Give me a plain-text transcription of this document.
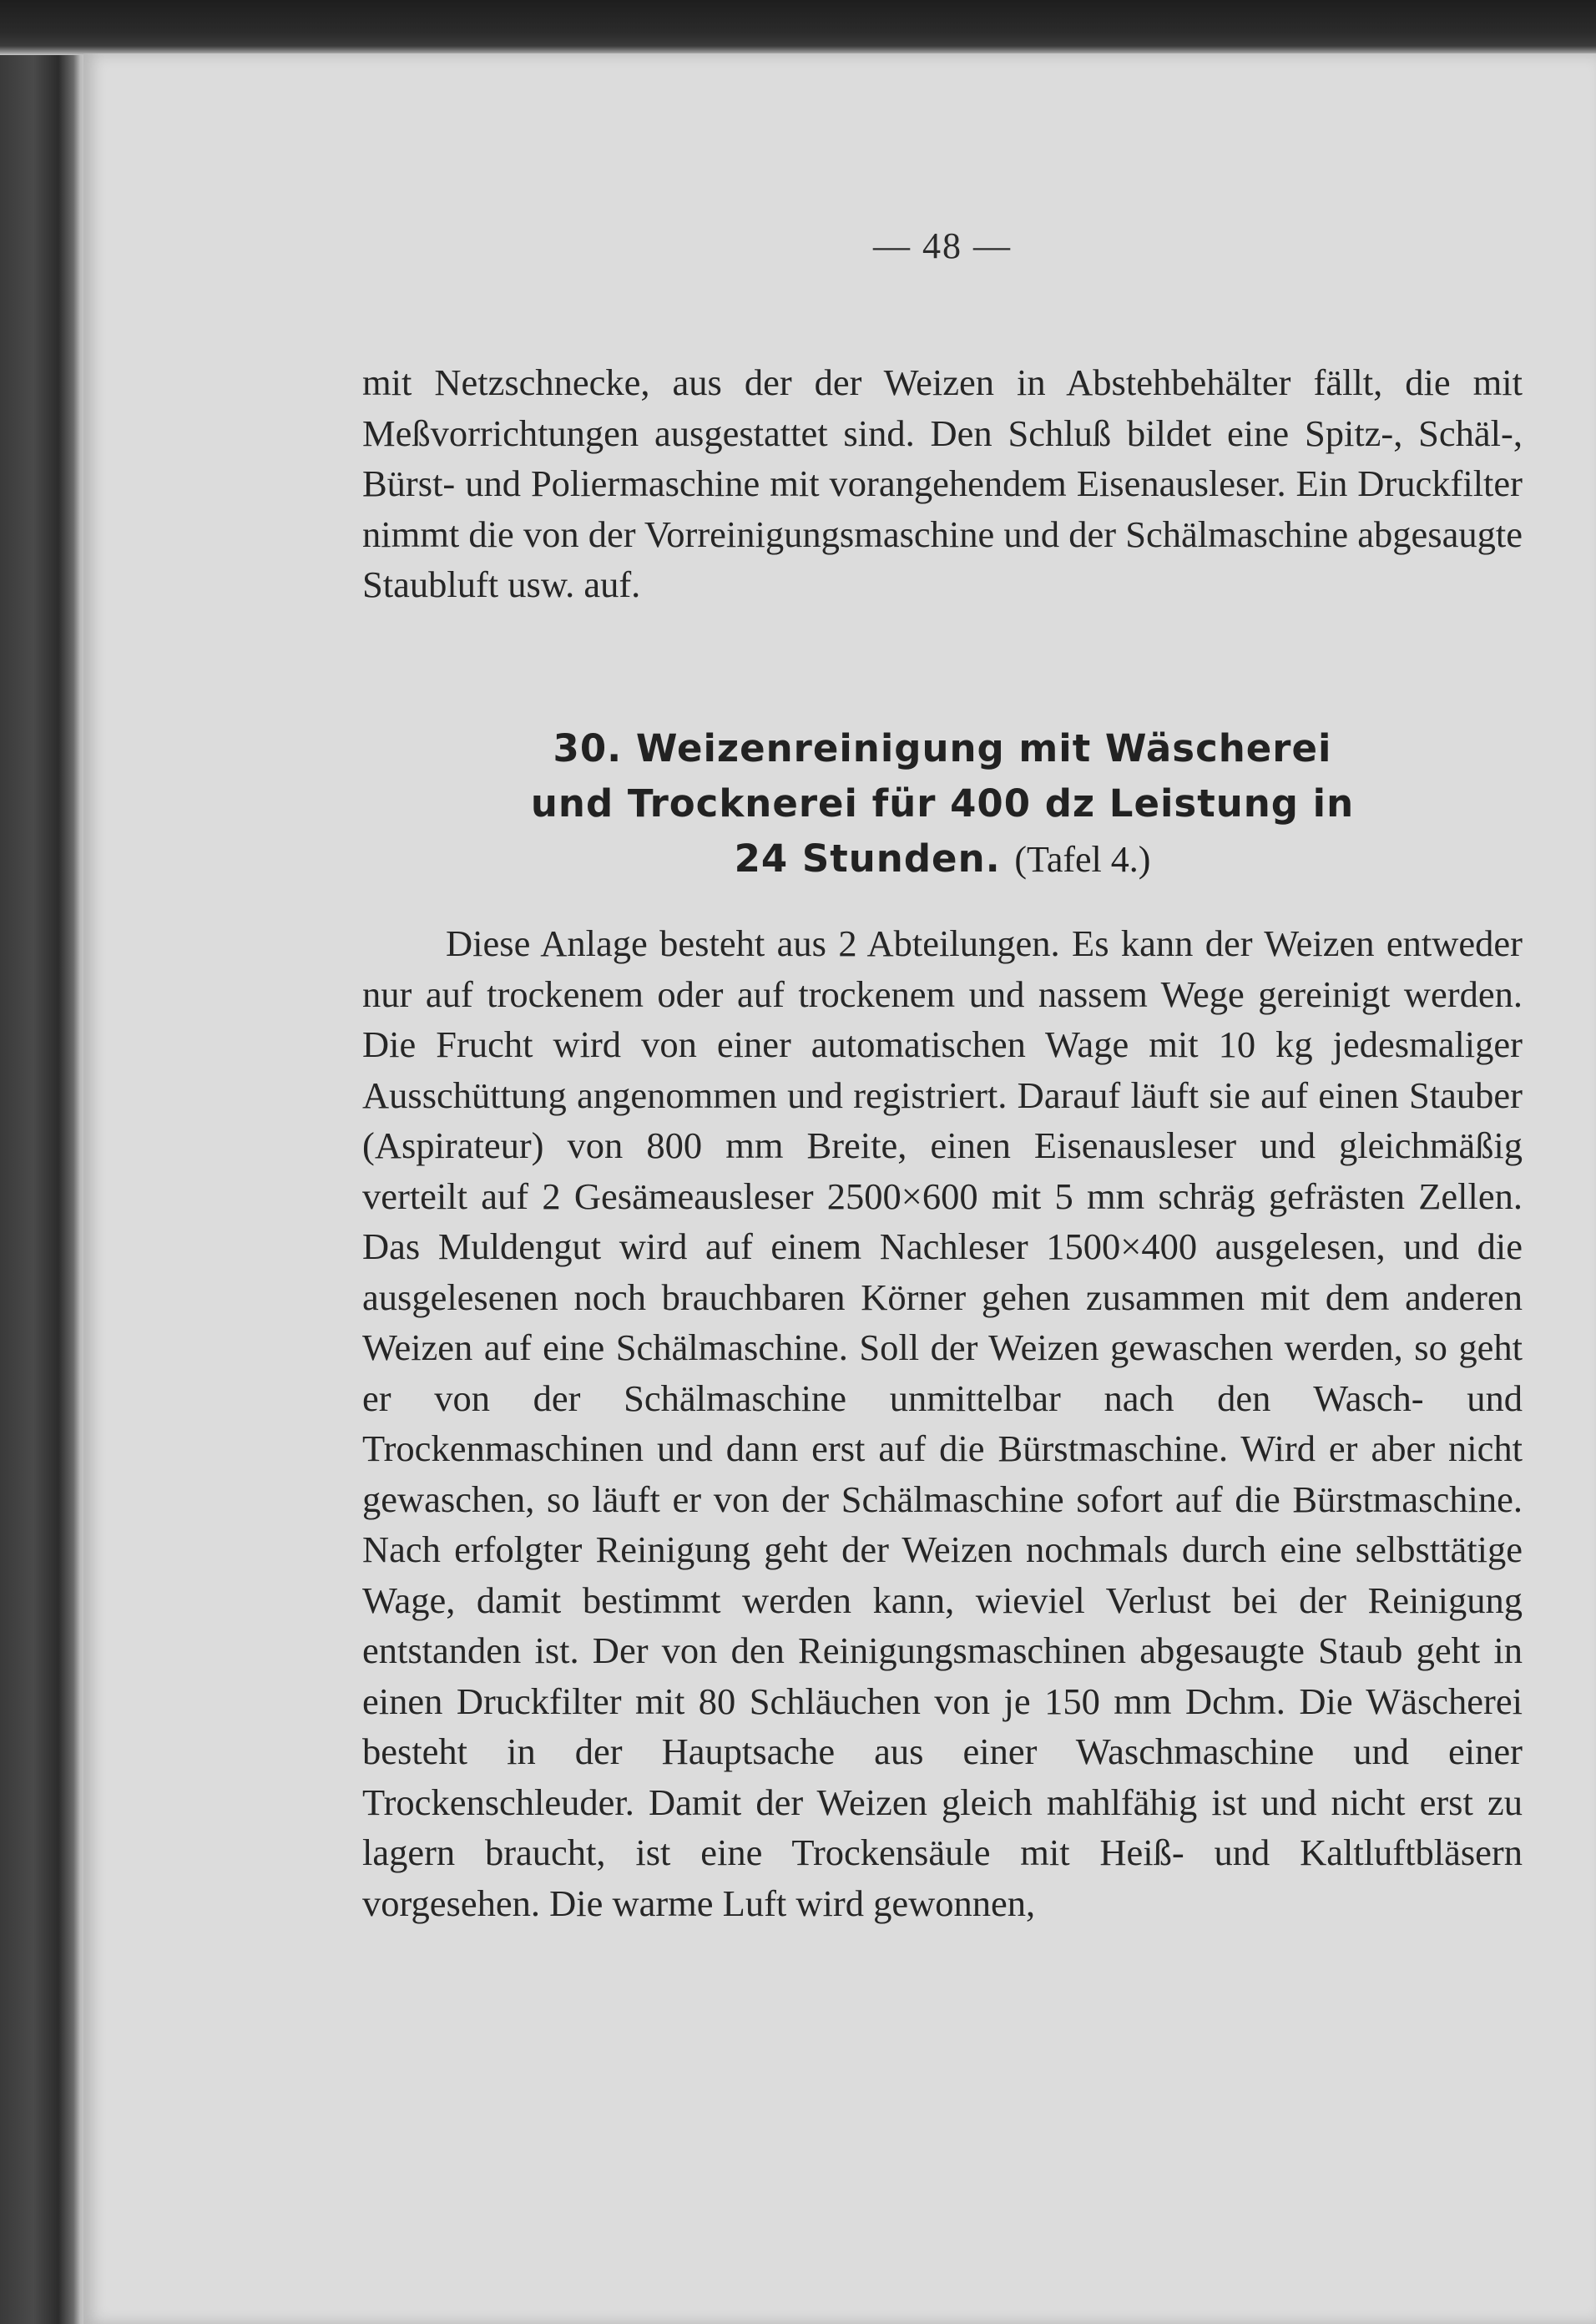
— 48 —

mit Netzschnecke, aus der der Weizen in Abstehbehälter fällt, die mit Meßvorrichtungen ausgestattet sind. Den Schluß bildet eine Spitz-, Schäl-, Bürst- und Poliermaschine mit vorangehendem Eisenausleser. Ein Druckfilter nimmt die von der Vorreinigungsmaschine und der Schälmaschine abgesaugte Staubluft usw. auf.

30. Weizenreinigung mit Wäscherei
und Trocknerei für 400 dz Leistung in
24 Stunden. (Tafel 4.)

Diese Anlage besteht aus 2 Abteilungen. Es kann der Weizen entweder nur auf trockenem oder auf trockenem und nassem Wege gereinigt werden. Die Frucht wird von einer automatischen Wage mit 10 kg jedesmaliger Ausschüttung angenommen und registriert. Darauf läuft sie auf einen Stauber (Aspirateur) von 800 mm Breite, einen Eisenausleser und gleichmäßig verteilt auf 2 Gesämeausleser 2500×600 mit 5 mm schräg gefrästen Zellen. Das Muldengut wird auf einem Nachleser 1500×400 ausgelesen, und die ausgelesenen noch brauchbaren Körner gehen zusammen mit dem anderen Weizen auf eine Schälmaschine. Soll der Weizen gewaschen werden, so geht er von der Schälmaschine unmittelbar nach den Wasch- und Trockenmaschinen und dann erst auf die Bürstmaschine. Wird er aber nicht gewaschen, so läuft er von der Schälmaschine sofort auf die Bürstmaschine. Nach erfolgter Reinigung geht der Weizen nochmals durch eine selbsttätige Wage, damit bestimmt werden kann, wieviel Verlust bei der Reinigung entstanden ist. Der von den Reinigungsmaschinen abgesaugte Staub geht in einen Druckfilter mit 80 Schläuchen von je 150 mm Dchm. Die Wäscherei besteht in der Hauptsache aus einer Waschmaschine und einer Trockenschleuder. Damit der Weizen gleich mahlfähig ist und nicht erst zu lagern braucht, ist eine Trockensäule mit Heiß- und Kaltluftbläsern vorgesehen. Die warme Luft wird gewonnen,
